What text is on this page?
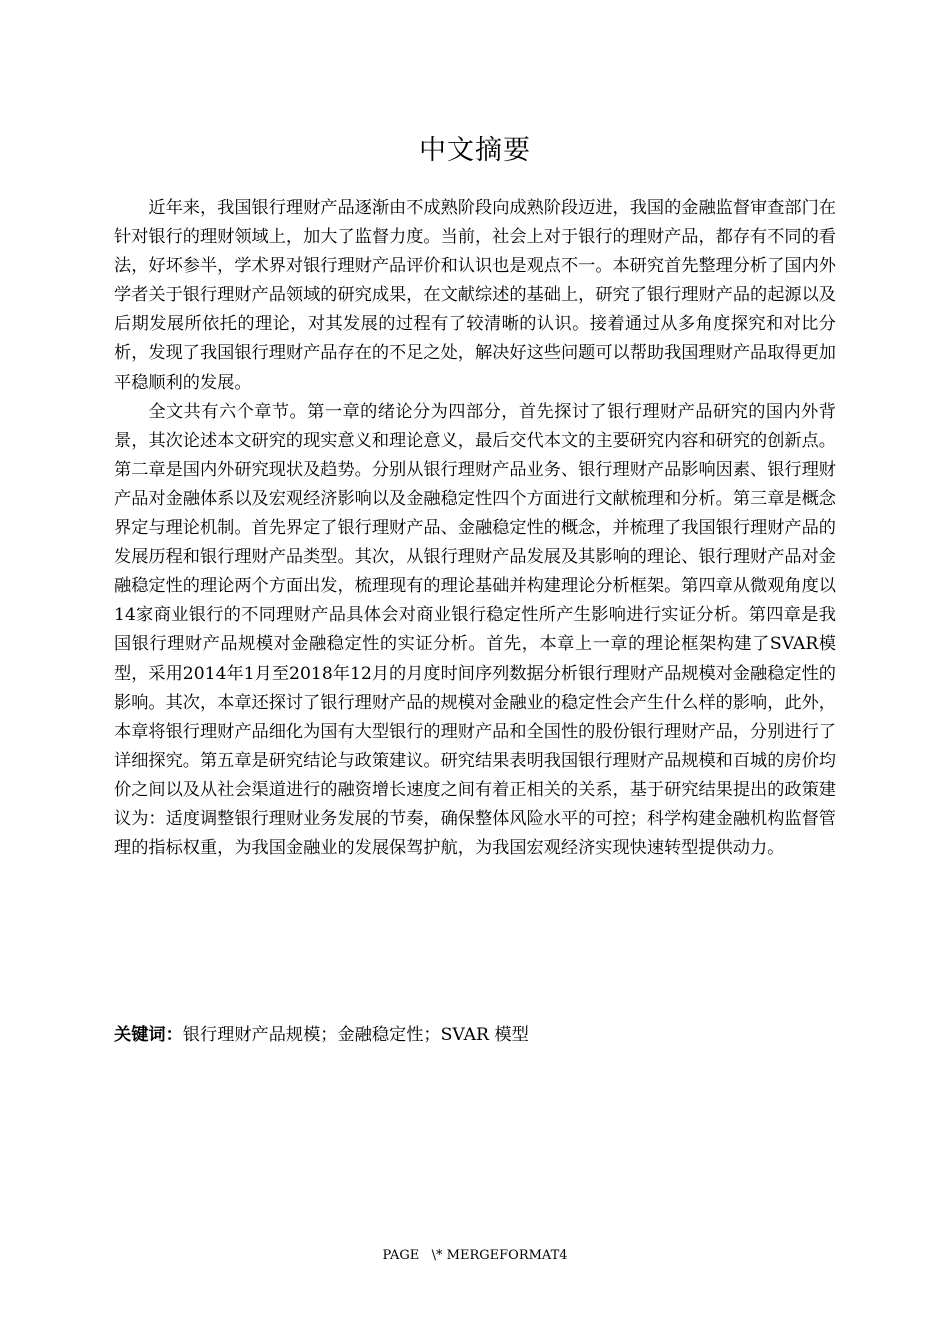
中文摘要

近年来，我国银行理财产品逐渐由不成熟阶段向成熟阶段迈进，我国的金融监督审查部门在针对银行的理财领域上，加大了监督力度。当前，社会上对于银行的理财产品，都存有不同的看法，好坏参半，学术界对银行理财产品评价和认识也是观点不一。本研究首先整理分析了国内外学者关于银行理财产品领域的研究成果，在文献综述的基础上，研究了银行理财产品的起源以及后期发展所依托的理论，对其发展的过程有了较清晰的认识。接着通过从多角度探究和对比分析，发现了我国银行理财产品存在的不足之处，解决好这些问题可以帮助我国理财产品取得更加平稳顺利的发展。

全文共有六个章节。第一章的绪论分为四部分，首先探讨了银行理财产品研究的国内外背景，其次论述本文研究的现实意义和理论意义，最后交代本文的主要研究内容和研究的创新点。第二章是国内外研究现状及趋势。分别从银行理财产品业务、银行理财产品影响因素、银行理财产品对金融体系以及宏观经济影响以及金融稳定性四个方面进行文献梳理和分析。第三章是概念界定与理论机制。首先界定了银行理财产品、金融稳定性的概念，并梳理了我国银行理财产品的发展历程和银行理财产品类型。其次，从银行理财产品发展及其影响的理论、银行理财产品对金融稳定性的理论两个方面出发，梳理现有的理论基础并构建理论分析框架。第四章从微观角度以14家商业银行的不同理财产品具体会对商业银行稳定性所产生影响进行实证分析。第四章是我国银行理财产品规模对金融稳定性的实证分析。首先，本章上一章的理论框架构建了SVAR模型，采用2014年1月至2018年12月的月度时间序列数据分析银行理财产品规模对金融稳定性的影响。其次，本章还探讨了银行理财产品的规模对金融业的稳定性会产生什么样的影响，此外，本章将银行理财产品细化为国有大型银行的理财产品和全国性的股份银行理财产品，分别进行了详细探究。第五章是研究结论与政策建议。研究结果表明我国银行理财产品规模和百城的房价均价之间以及从社会渠道进行的融资增长速度之间有着正相关的关系，基于研究结果提出的政策建议为：适度调整银行理财业务发展的节奏，确保整体风险水平的可控；科学构建金融机构监督管理的指标权重，为我国金融业的发展保驾护航，为我国宏观经济实现快速转型提供动力。

关键词：银行理财产品规模；金融稳定性；SVAR 模型
PAGE   \* MERGEFORMAT4
